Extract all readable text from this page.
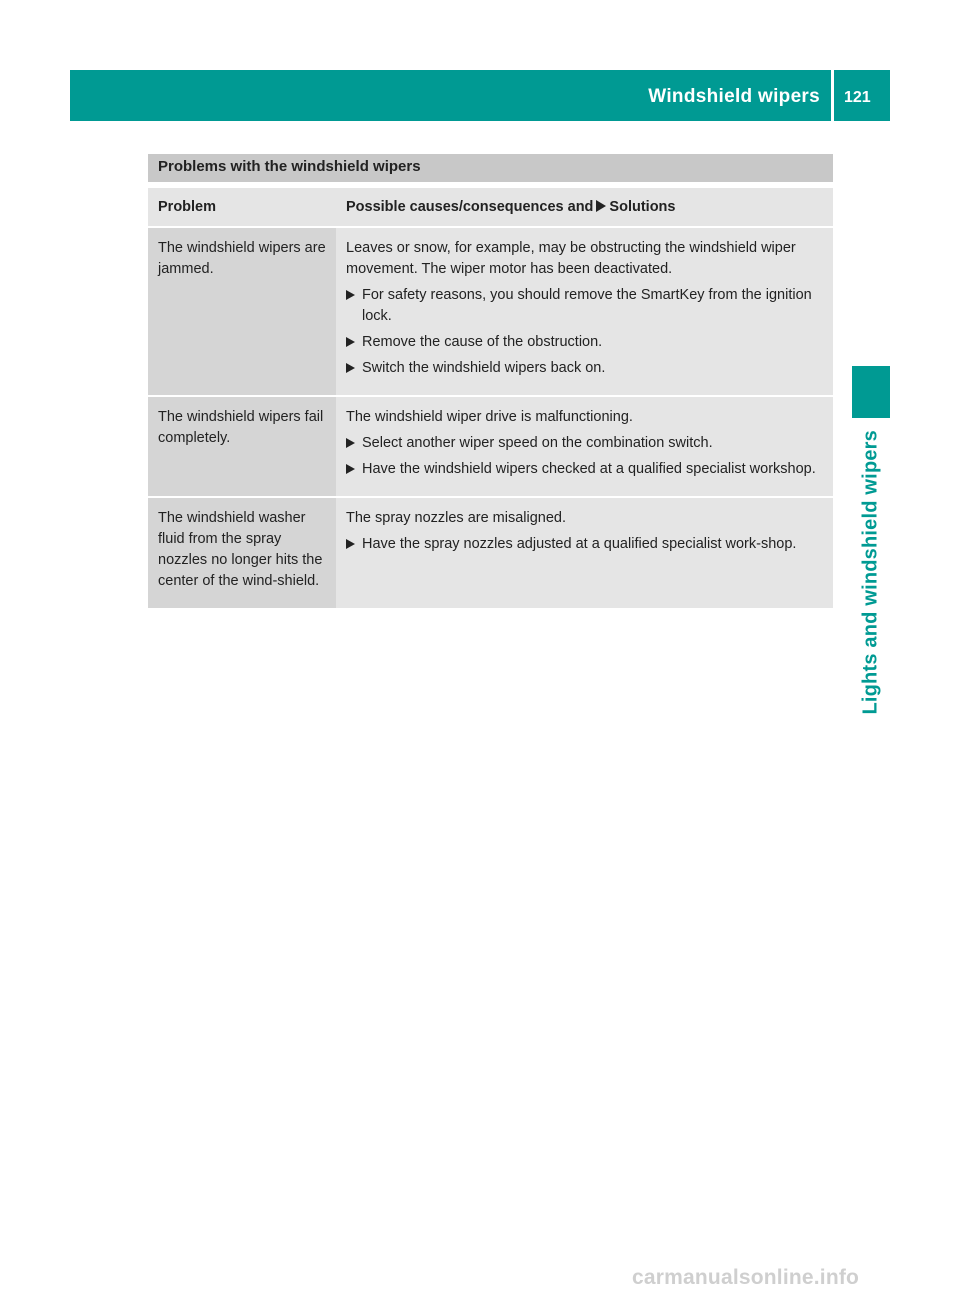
Windshield wipers 121
Lights and windshield wipers
Problems with the windshield wipers
Problem	Possible causes/consequences and Solutions
The windshield wipers are jammed.	Leaves or snow, for example, may be obstructing the windshield wiper movement. The wiper motor has been deactivated.

For safety reasons, you should remove the SmartKey from the ignition lock.
Remove the cause of the obstruction.
Switch the windshield wipers back on.

The windshield wipers fail completely.	The windshield wiper drive is malfunctioning.

Select another wiper speed on the combination switch.
Have the windshield wipers checked at a qualified specialist workshop.

The windshield washer fluid from the spray nozzles no longer hits the center of the wind-shield.	The spray nozzles are misaligned.

Have the spray nozzles adjusted at a qualified specialist work-shop.
carmanualsonline.info
